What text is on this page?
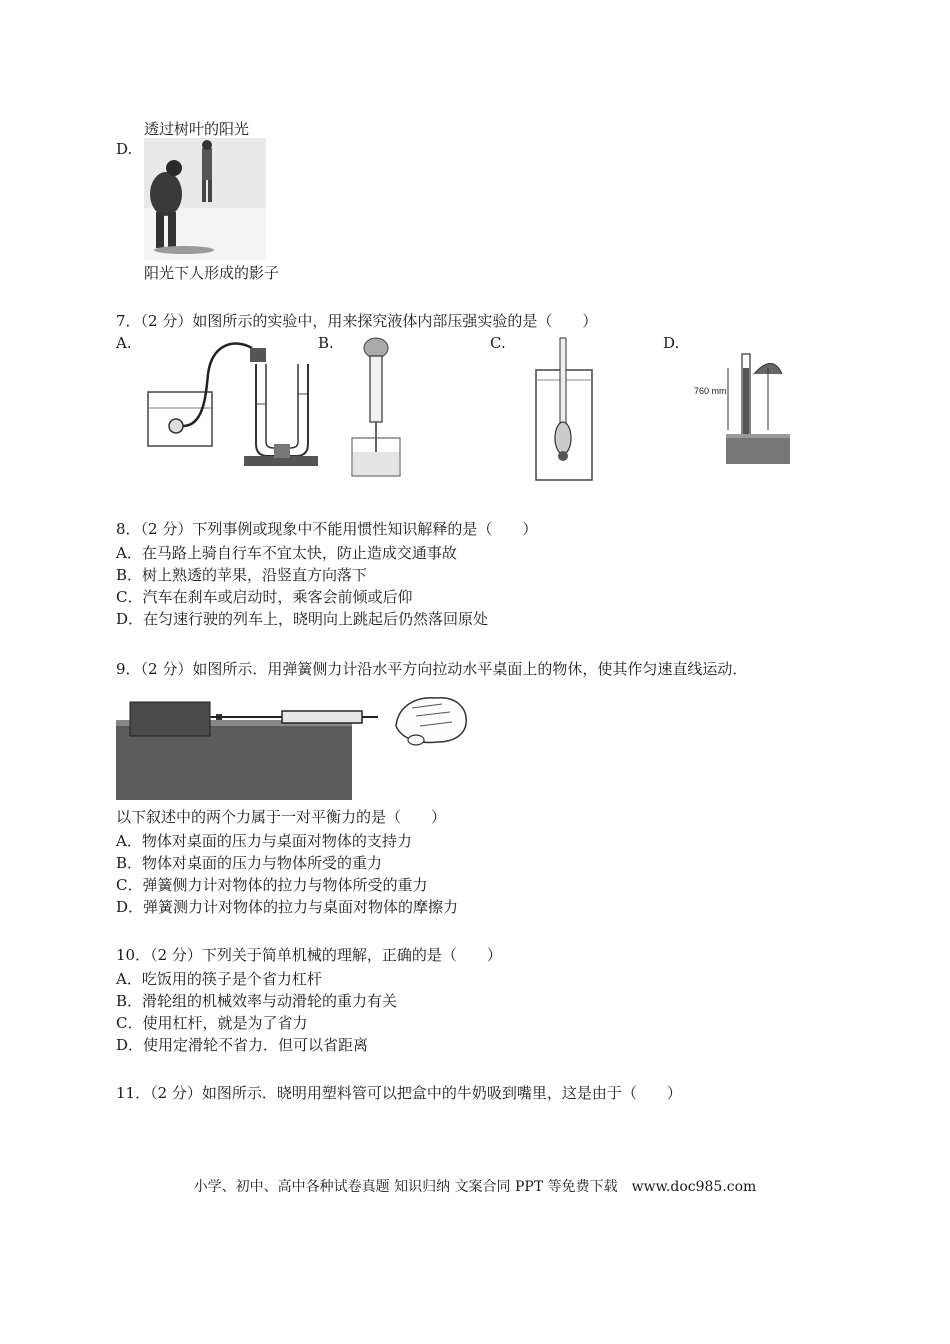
透过树叶的阳光
D.
阳光下人形成的影子
7．（2 分）如图所示的实验中，用来探究液体内部压强实验的是（　　）
A.	B.	C.	D.
760 mm
8．（2 分）下列事例或现象中不能用惯性知识解释的是（　　）
A．在马路上骑自行车不宜太快，防止造成交通事故
B．树上熟透的苹果，沿竖直方向落下
C．汽车在刹车或启动时，乘客会前倾或后仰
D．在匀速行驶的列车上，晓明向上跳起后仍然落回原处
9．（2 分）如图所示．用弹簧侧力计沿水平方向拉动水平桌面上的物休，使其作匀速直线运动．
以下叙述中的两个力属于一对平衡力的是（　　）
A．物体对桌面的压力与桌面对物体的支持力
B．物体对桌面的压力与物体所受的重力
C．弹簧侧力计对物体的拉力与物体所受的重力
D．弹簧测力计对物体的拉力与桌面对物体的摩擦力
10．（2 分）下列关于简单机械的理解，正确的是（　　）
A．吃饭用的筷子是个省力杠杆
B．滑轮组的机械效率与动滑轮的重力有关
C．使用杠杆，就是为了省力
D．使用定滑轮不省力．但可以省距离
11．（2 分）如图所示．晓明用塑料管可以把盒中的牛奶吸到嘴里，这是由于（　　）
小学、初中、高中各种试卷真题 知识归纳 文案合同 PPT 等免费下载　www.doc985.com
